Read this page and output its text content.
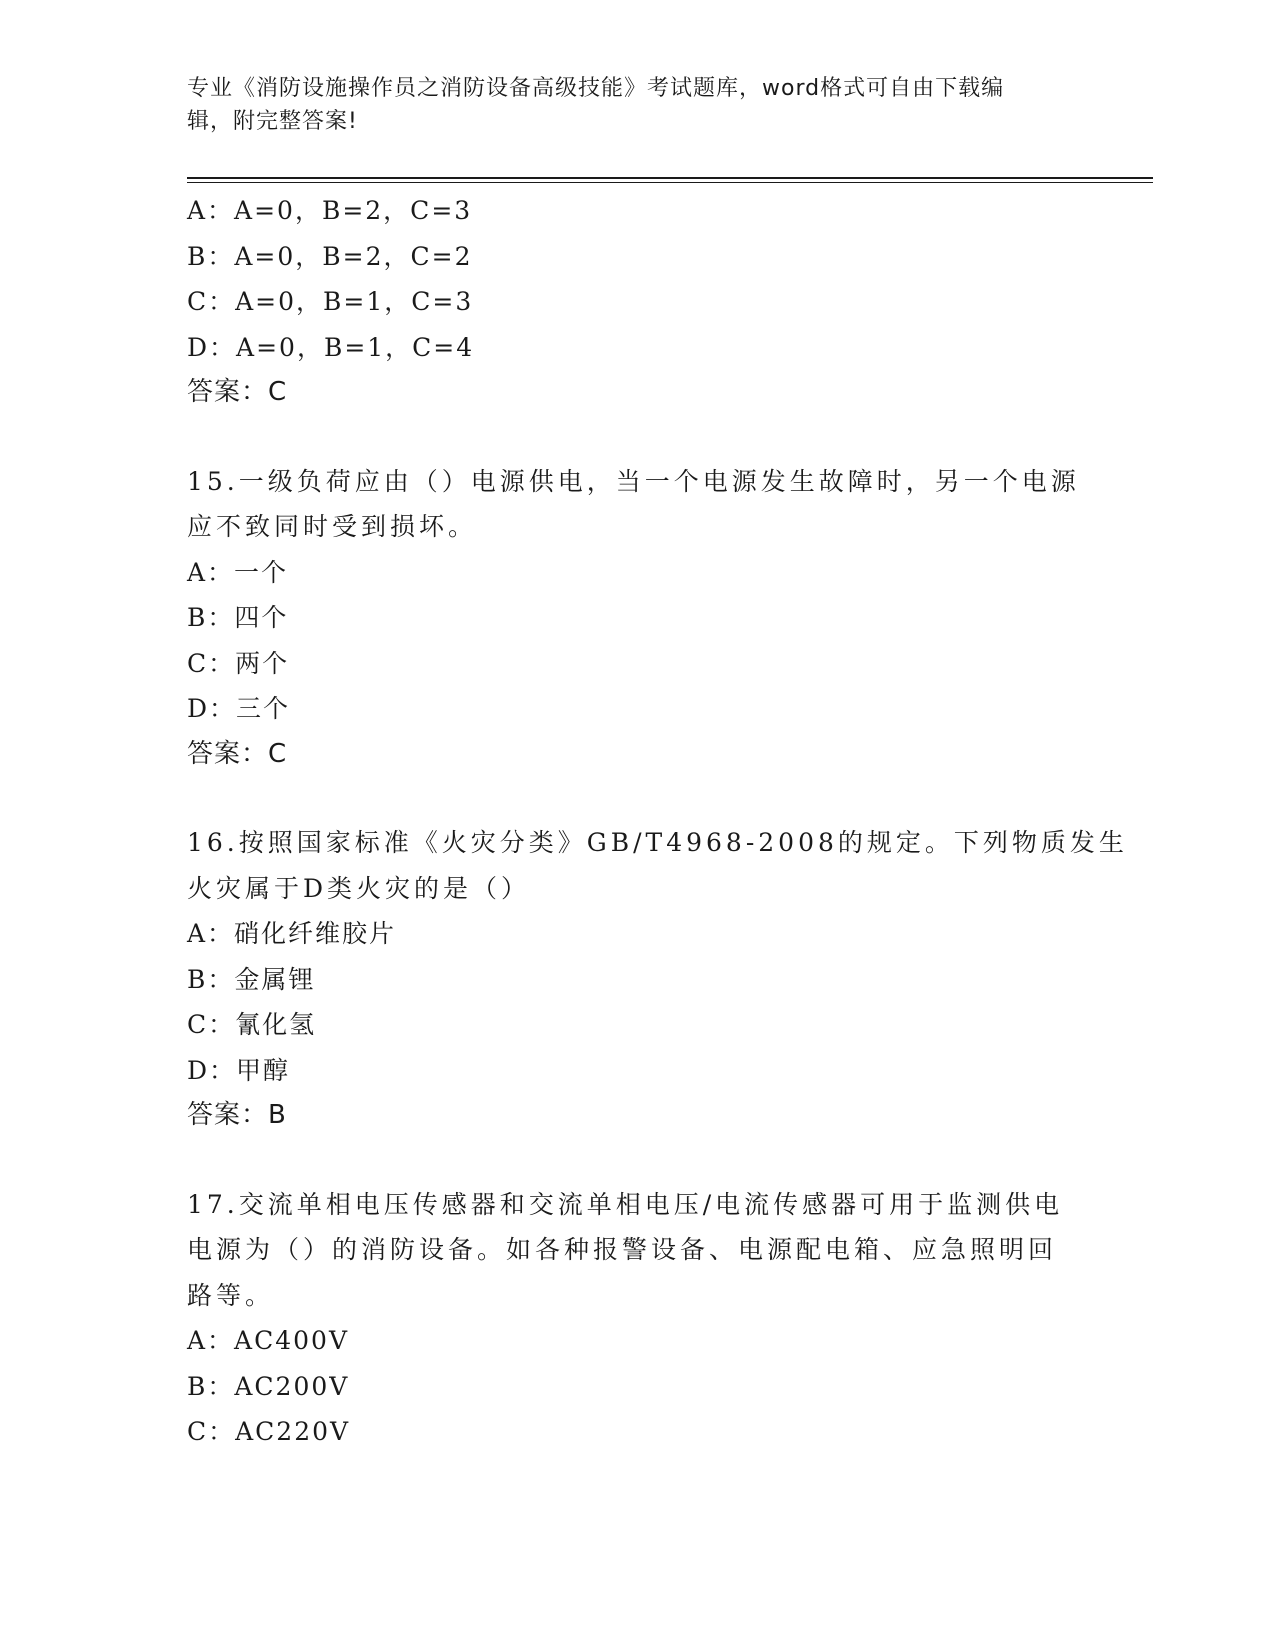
专业《消防设施操作员之消防设备高级技能》考试题库，word格式可自由下载编
辑，附完整答案!
A：A=0，B=2，C=3
B：A=0，B=2，C=2
C：A=0，B=1，C=3
D：A=0，B=1，C=4
答案：C
15.一级负荷应由（）电源供电，当一个电源发生故障时，另一个电源
应不致同时受到损坏。
A：一个
B：四个
C：两个
D：三个
答案：C
16.按照国家标准《火灾分类》GB/T4968-2008的规定。下列物质发生
火灾属于D类火灾的是（）
A：硝化纤维胶片
B：金属锂
C：氰化氢
D：甲醇
答案：B
17.交流单相电压传感器和交流单相电压/电流传感器可用于监测供电
电源为（）的消防设备。如各种报警设备、电源配电箱、应急照明回
路等。
A：AC400V
B：AC200V
C：AC220V
